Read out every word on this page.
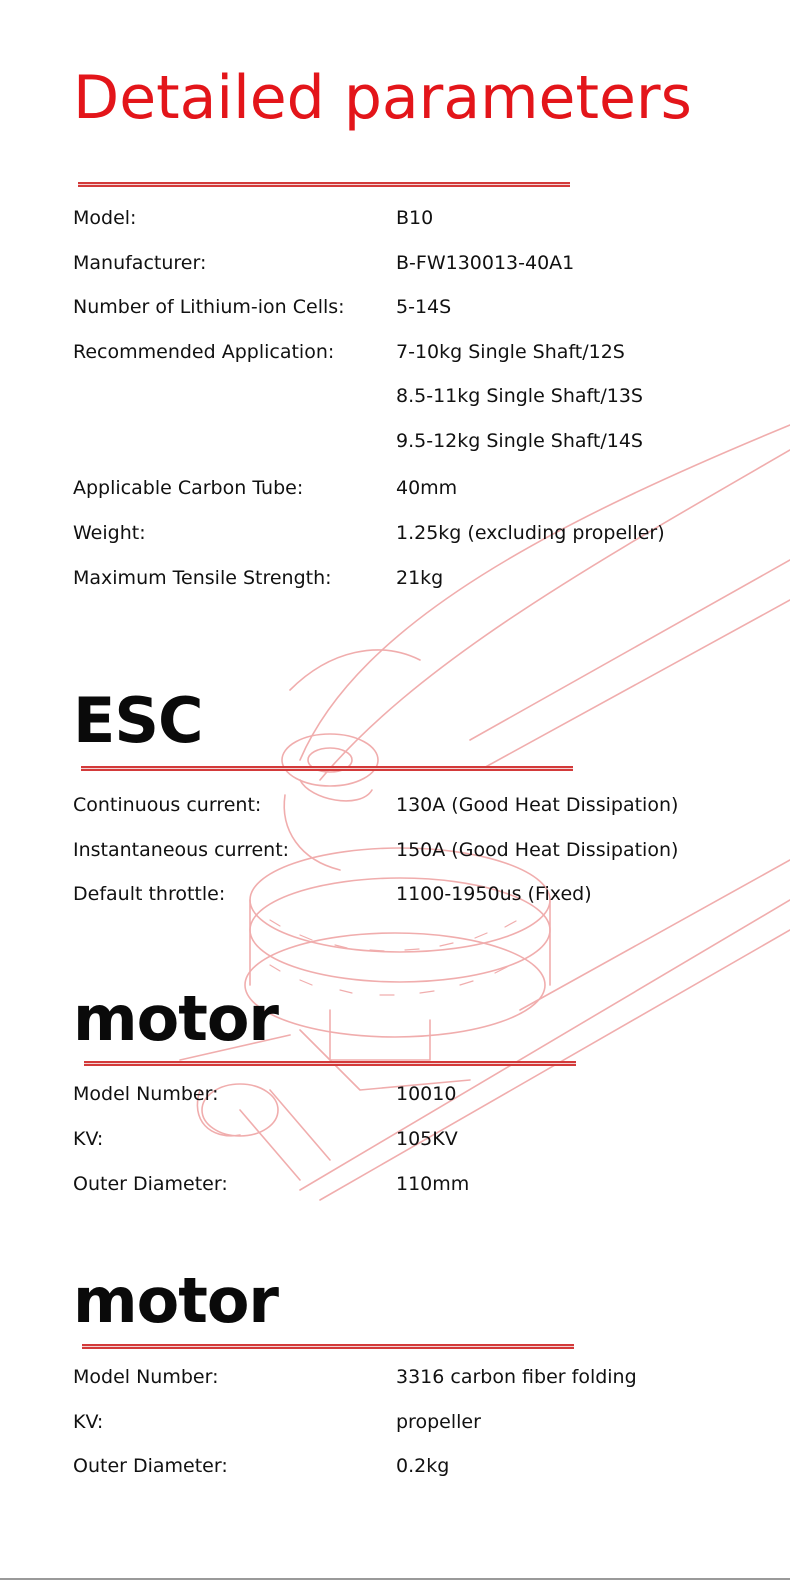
Detailed parameters
Model:	B10
Manufacturer:	B-FW130013-40A1
Number of Lithium-ion Cells:	5-14S
Recommended Application:	7-10kg Single Shaft/12S
8.5-11kg Single Shaft/13S
9.5-12kg Single Shaft/14S
Applicable Carbon Tube:	40mm
Weight:	1.25kg (excluding propeller)
Maximum Tensile Strength:	21kg
ESC
Continuous current:	130A (Good Heat Dissipation)
Instantaneous current:	150A (Good Heat Dissipation)
Default throttle:	1100-1950us (Fixed)
motor
Model Number:	10010
KV:	105KV
Outer Diameter:	110mm
motor
Model Number:	3316 carbon fiber folding
KV:	propeller
Outer Diameter:	0.2kg
